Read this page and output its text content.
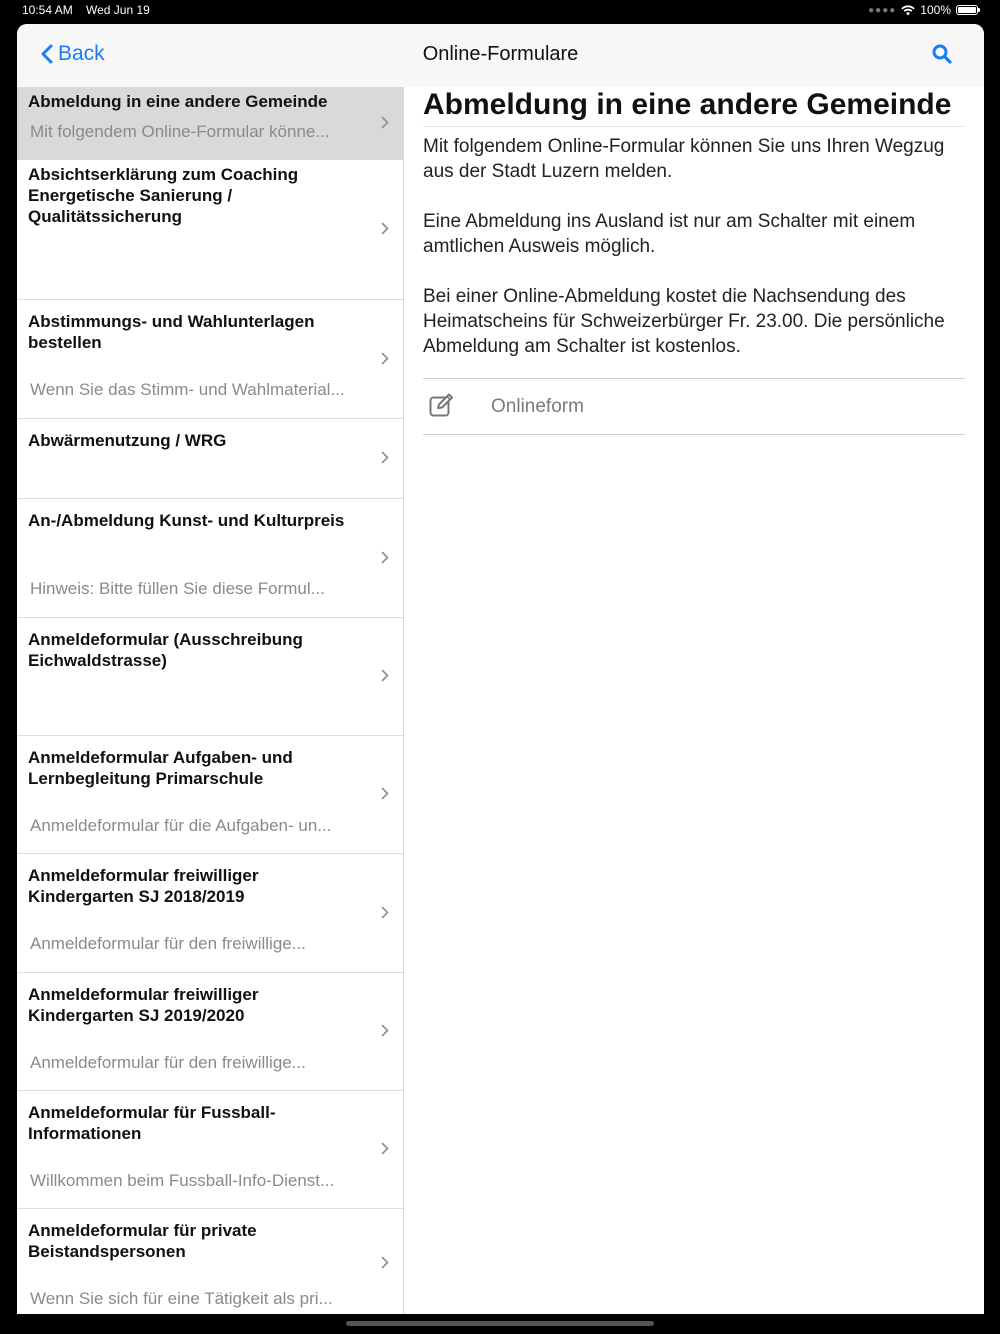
10:54 AM Wed Jun 19	●●●● 100%
Back	Online-Formulare
Abmeldung in eine andere Gemeinde
Mit folgendem Online-Formular könne...
Absichtserklärung zum Coaching Energetische Sanierung / Qualitätssicherung
Abstimmungs- und Wahlunterlagen bestellen
Wenn Sie das Stimm- und Wahlmaterial...
Abwärmenutzung / WRG
An-/Abmeldung Kunst- und Kulturpreis
Hinweis: Bitte füllen Sie diese Formul...
Anmeldeformular (Ausschreibung Eichwaldstrasse)
Anmeldeformular Aufgaben- und Lernbegleitung Primarschule
Anmeldeformular für die Aufgaben- un...
Anmeldeformular freiwilliger Kindergarten SJ 2018/2019
Anmeldeformular für den freiwillige...
Anmeldeformular freiwilliger Kindergarten SJ 2019/2020
Anmeldeformular für den freiwillige...
Anmeldeformular für Fussball-Informationen
Willkommen beim Fussball-Info-Dienst...
Anmeldeformular für private Beistandspersonen
Wenn Sie sich für eine Tätigkeit als pri...
Abmeldung in eine andere Gemeinde

Mit folgendem Online-Formular können Sie uns Ihren Wegzug aus der Stadt Luzern melden.

Eine Abmeldung ins Ausland ist nur am Schalter mit einem amtlichen Ausweis möglich.

Bei einer Online-Abmeldung kostet die Nachsendung des Heimatscheins für Schweizerbürger Fr. 23.00. Die persönliche Abmeldung am Schalter ist kostenlos.

Onlineform
